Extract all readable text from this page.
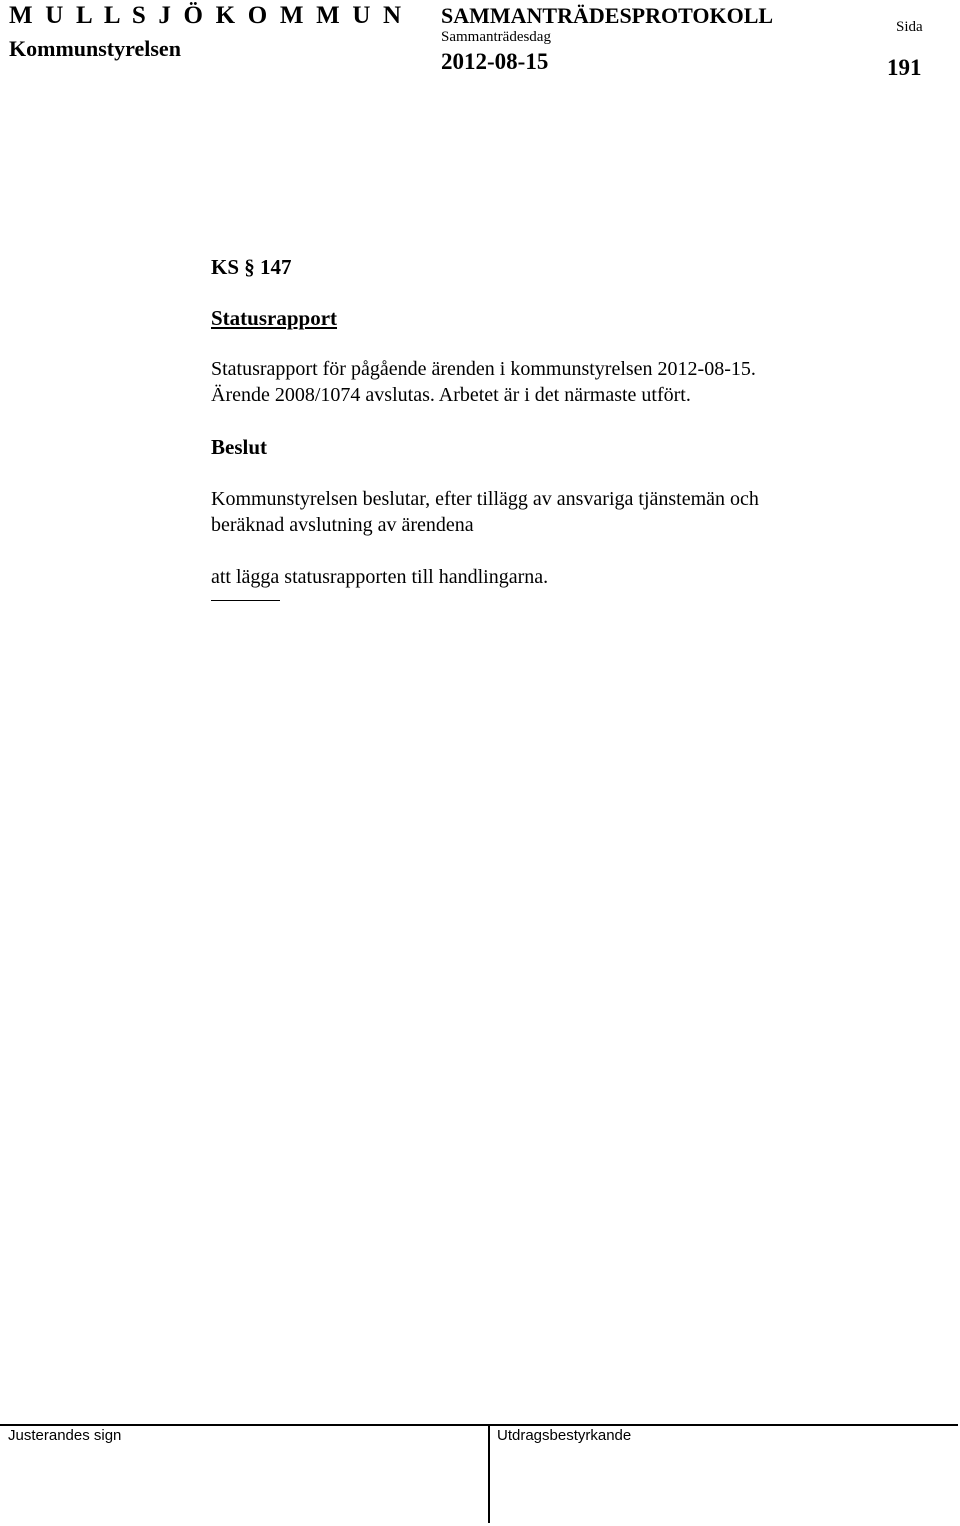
M U L L S J Ö K O M M U N
Kommunstyrelsen
SAMMANTRÄDESPROTOKOLL
Sammanträdesdag
2012-08-15
Sida
191
KS § 147
Statusrapport

Statusrapport för pågående ärenden i kommunstyrelsen 2012-08-15.

Ärende 2008/1074 avslutas. Arbetet är i det närmaste utfört.

Beslut

Kommunstyrelsen beslutar, efter tillägg av ansvariga tjänstemän och

beräknad avslutning av ärendena

att lägga statusrapporten till handlingarna.

Justerandes sign	Utdragsbestyrkande
